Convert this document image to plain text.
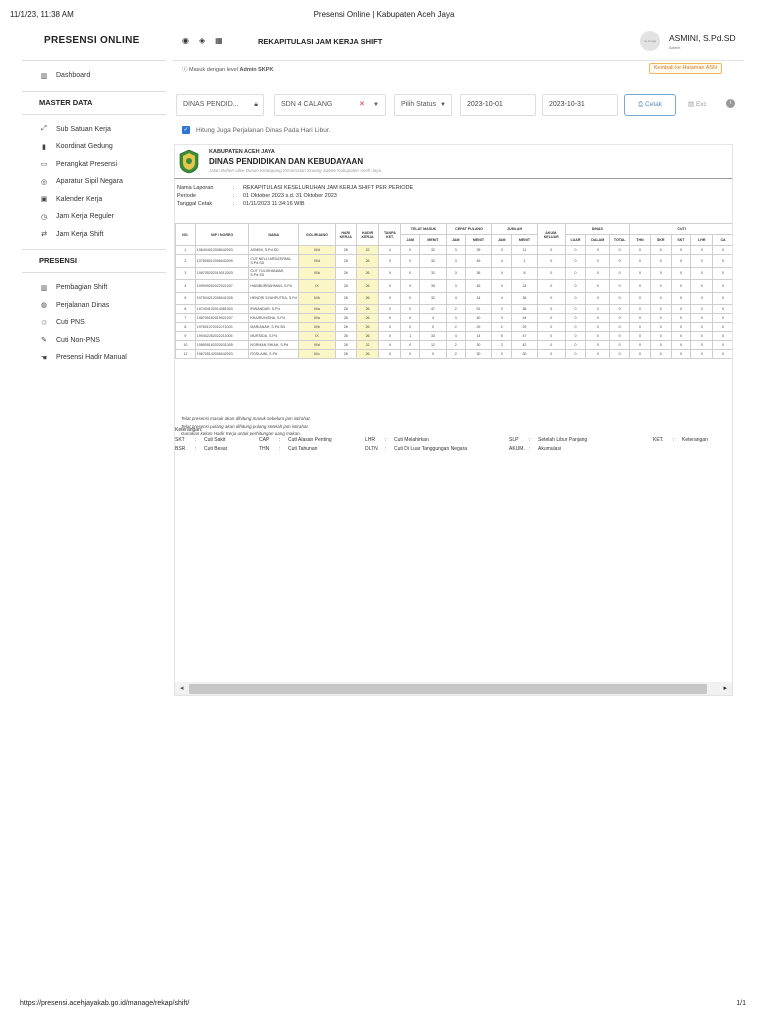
11/1/23, 11:38 AM	Presensi Online | Kabupaten Aceh Jaya
PRESENSI ONLINE
▥	Dashboard
MASTER DATA
⤢	Sub Satuan Kerja
▮	Koordinat Gedung
▭	Perangkat Presensi
◎	Aparatur Sipil Negara
▣	Kalender Kerja
◷	Jam Kerja Reguler
⇄	Jam Kerja Shift
PRESENSI
▥	Pembagian Shift
◍	Perjalanan Dinas
♲	Cuti PNS
✎	Cuti Non-PNS
☚	Presensi Hadir Manual
◉ ◈ ▦	REKAPITULASI JAM KERJA SHIFT	no image	ASMINI, S.Pd.SD
Admin
ⓘ Masuk dengan level Admin SKPK	Kembali ke Halaman ASN
DINAS PENDID... 🔒︎	SDN 4 CALANG	✕ ▼	Pilih Status ▼	2023-10-01	2023-10-31	⎙ Cetak	▤ Exc	i
✓ Hitung Juga Perjalanan Dinas Pada Hari Libur.
KABUPATEN ACEH JAYA
DINAS PENDIDIKAN DAN KEBUDAYAAN
Jalan Bahen Ulee Dusun Keutapang Kecamatan Krueng Sabee Kabupaten Aceh Jaya
Nama Laporan	:	REKAPITULASI KESELURUHAN JAM KERJA SHIFT PER PERIODE
Periode	:	01 Oktober 2023 s.d. 31 Oktober 2023
Tanggal Cetak	:	01/11/2023 11:34:16 WIB
NO.	NIP / NOREG	NAMA	GOL/RUANG	HARI KERJA	HADIR KERJA	TANPA KET.	TELAT MASUK		CEPAT PULANG		JUMLAH		AKUM. KELUAR	DINAS			CUTI				
							JAM	MENIT	JAM	MENIT	JAM	MENIT		LUAR	DALAM	TOTAL	THN	SKR	SKT	LHR	CA
1	196404012008042003	ASMINI, S.Pd.SD	III/d	26	22	4	0	32	3	39	3	11	0	0	0	0	0	0	0	0	0
2	197805012006042009	CUT NELLI ARDATIRMA, S.Pd.SD	III/d	26	26	0	0	32	3	49	4	1	0	0	0	0	0	0	0	0	0
3	198705202019012003	CUT YULISHANAMI, S.Pd.SD	IX/b	26	26	0	0	32	3	36	4	8	0	0	0	0	0	0	0	0	0
4	199909092022021007	HABIBURRAHMAN, S.Pd	IX	26	26	0	0	39	3	45	4	24	0	0	0	0	0	0	0	0	0
5	197504212006041005	HENDRI SYAHPUTRA, S.Pd	IV/b	26	26	0	0	32	4	14	4	36	0	0	0	0	0	0	0	0	0
6	197404102014081003	IRWANDAR, S.Pd	III/a	26	26	0	0	47	2	51	3	38	0	0	0	0	0	0	0	0	0
7	198705162019021007	KHAIRUNISHA, S.Pd	III/a	26	26	0	0	4	3	40	3	44	0	0	0	0	0	0	0	0	0
8	197601072011071003	MARIANAH, S.Pd.SD	III/b	26	26	0	0	0	2	29	2	29	0	0	0	0	0	0	0	0	0
9	199402262022211005	MURSIDA, S.Pd	IX	26	26	0	1	33	4	14	5	47	0	0	0	0	0	0	0	0	0
10	198509162020031005	NORMAN SHIAH, S.Pd	III/d	26	22	4	0	12	2	30	2	42	0	0	0	0	0	0	0	0	0
11	196705142006042003	ROSLAINI, S.Pd	III/c	26	26	0	0	0	2	30	2	30	0	0	0	0	0	0	0	0	0
Telat presensi masuk akan dihitung masuk sebelum jam istirahat.
Telat presensi pulang akan dihitung pulang setelah jam istirahat.
Gunakan kolom Hadir Kerja untuk perhitungan uang makan.
Keterangan:
SKT : Cuti Sakit	CAP : Cuti Alasan Penting	LHR : Cuti Melahirkan	SLP : Setelah Libur Panjang	KET. : Keterangan
BSR : Cuti Besar	THN : Cuti Tahunan	DLTN : Cuti Di Luar Tanggungan Negara	AKUM. : Akumulasi
◂	▸
https://presensi.acehjayakab.go.id/manage/rekap/shift/	1/1
